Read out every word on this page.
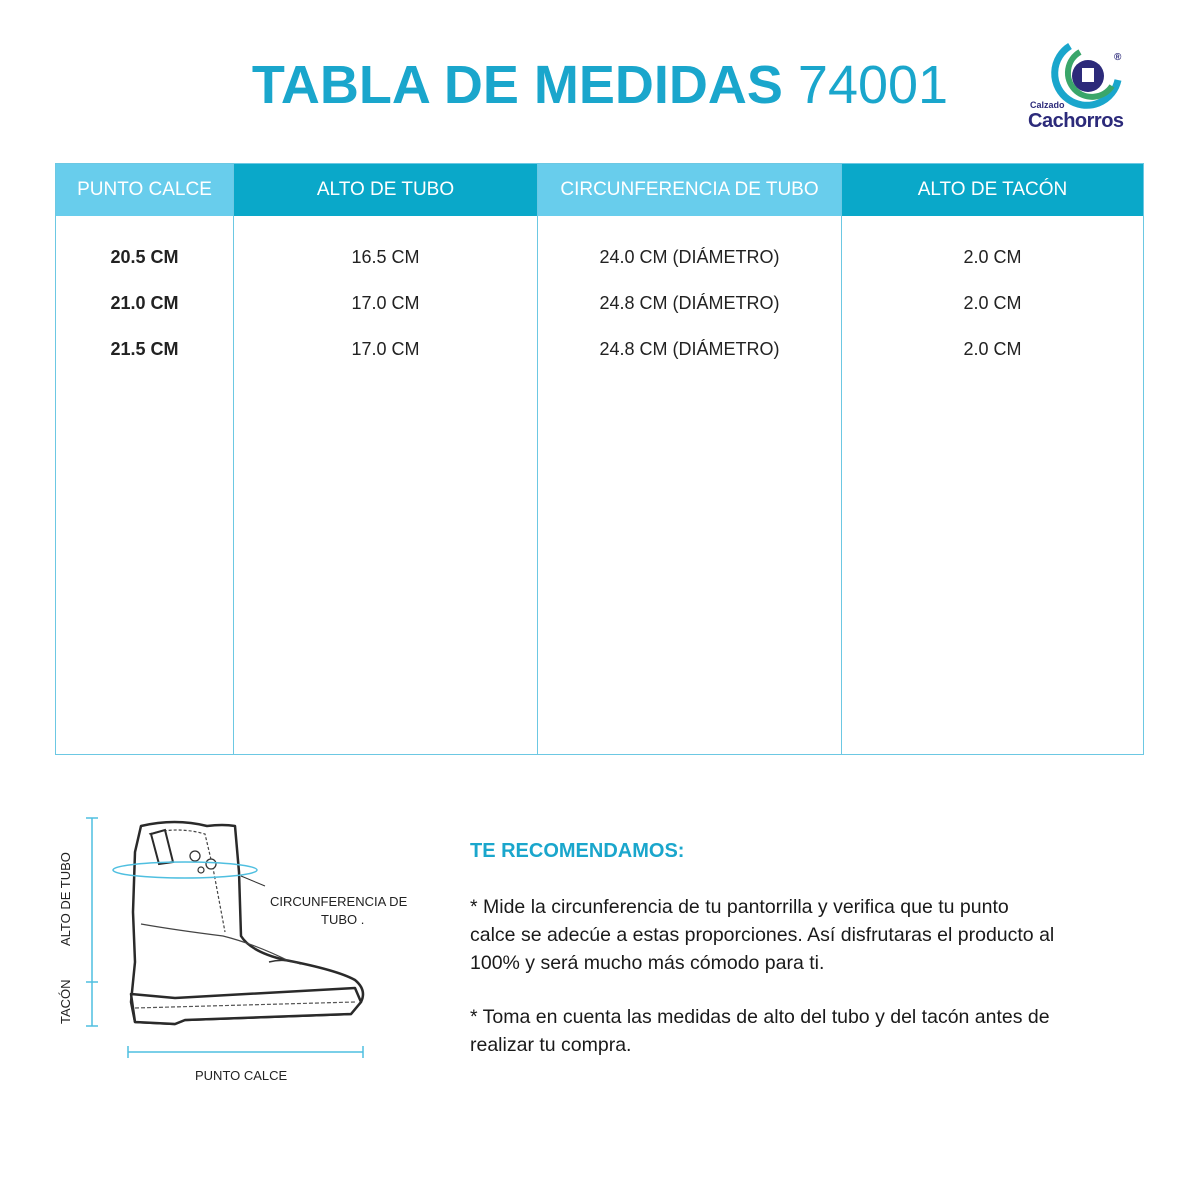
TABLA DE MEDIDAS 74001	®
Calzado
Cachorros
PUNTO CALCE
20.5 CM
21.0 CM
21.5 CM
ALTO DE TUBO
16.5 CM
17.0 CM
17.0 CM
CIRCUNFERENCIA DE TUBO
24.0 CM (DIÁMETRO)
24.8 CM (DIÁMETRO)
24.8 CM (DIÁMETRO)
ALTO DE TACÓN
2.0 CM
2.0 CM
2.0 CM
ALTO DE TUBO
TACÓN
CIRCUNFERENCIA DE
TUBO .
PUNTO CALCE
TE RECOMENDAMOS:
* Mide la circunferencia de tu pantorrilla y verifica que tu punto
calce se adecúe a estas proporciones. Así disfrutaras el producto al
100% y será mucho más cómodo para ti.
* Toma en cuenta las medidas de alto del tubo y del tacón antes de
realizar tu compra.
